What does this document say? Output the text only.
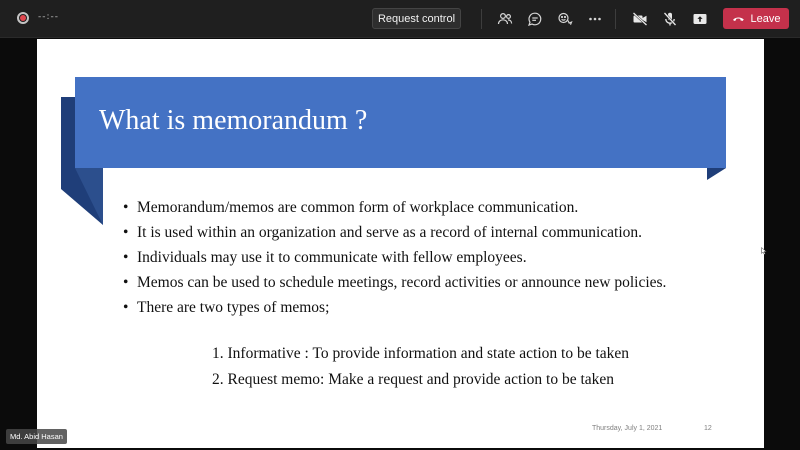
--:--	Request control	Leave
What is memorandum ?
• Memorandum/memos are common form of workplace communication.
• It is used within an organization and serve as a record of internal communication.
• Individuals may use it to communicate with fellow employees.
• Memos can be used to schedule meetings, record activities or announce new policies.
• There are two types of memos;
1. Informative : To provide information and state action to be taken
2. Request memo: Make a request and provide action to be taken
Thursday, July 1, 2021	12
Md. Abid Hasan
